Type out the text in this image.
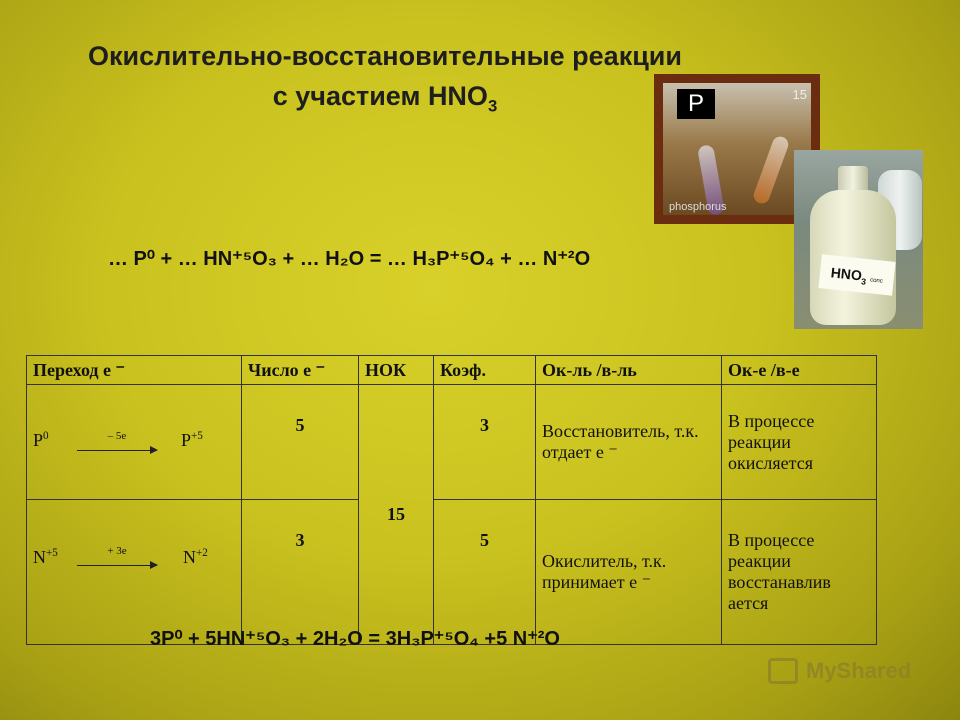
Окислительно-восстановительные реакции
с участием $HNO_3$	P	15
phosphorus
$HNO_3$ conc
… P⁰ + … HN⁺⁵O₃ + … H₂O = … H₃P⁺⁵O₄ + … N⁺²O
Переход е ⁻	Число е ⁻	НОК	Коэф.	Ок-ль /в-ль	Ок-е /в-е

$P^0 - 5е$ $P^{+5}$	5	15	3	Восстановитель, т.к. отдает е ⁻	В процессе реакции окисляется

$N^{+5} + 3е$ $N^{+2}$	3		5	Окислитель, т.к. принимает е ⁻	В процессе реакции восстанавлив ается
3P⁰ + 5HN⁺⁵O₃ + 2H₂O = 3H₃P⁺⁵O₄ +5 N⁺²O
MyShared
